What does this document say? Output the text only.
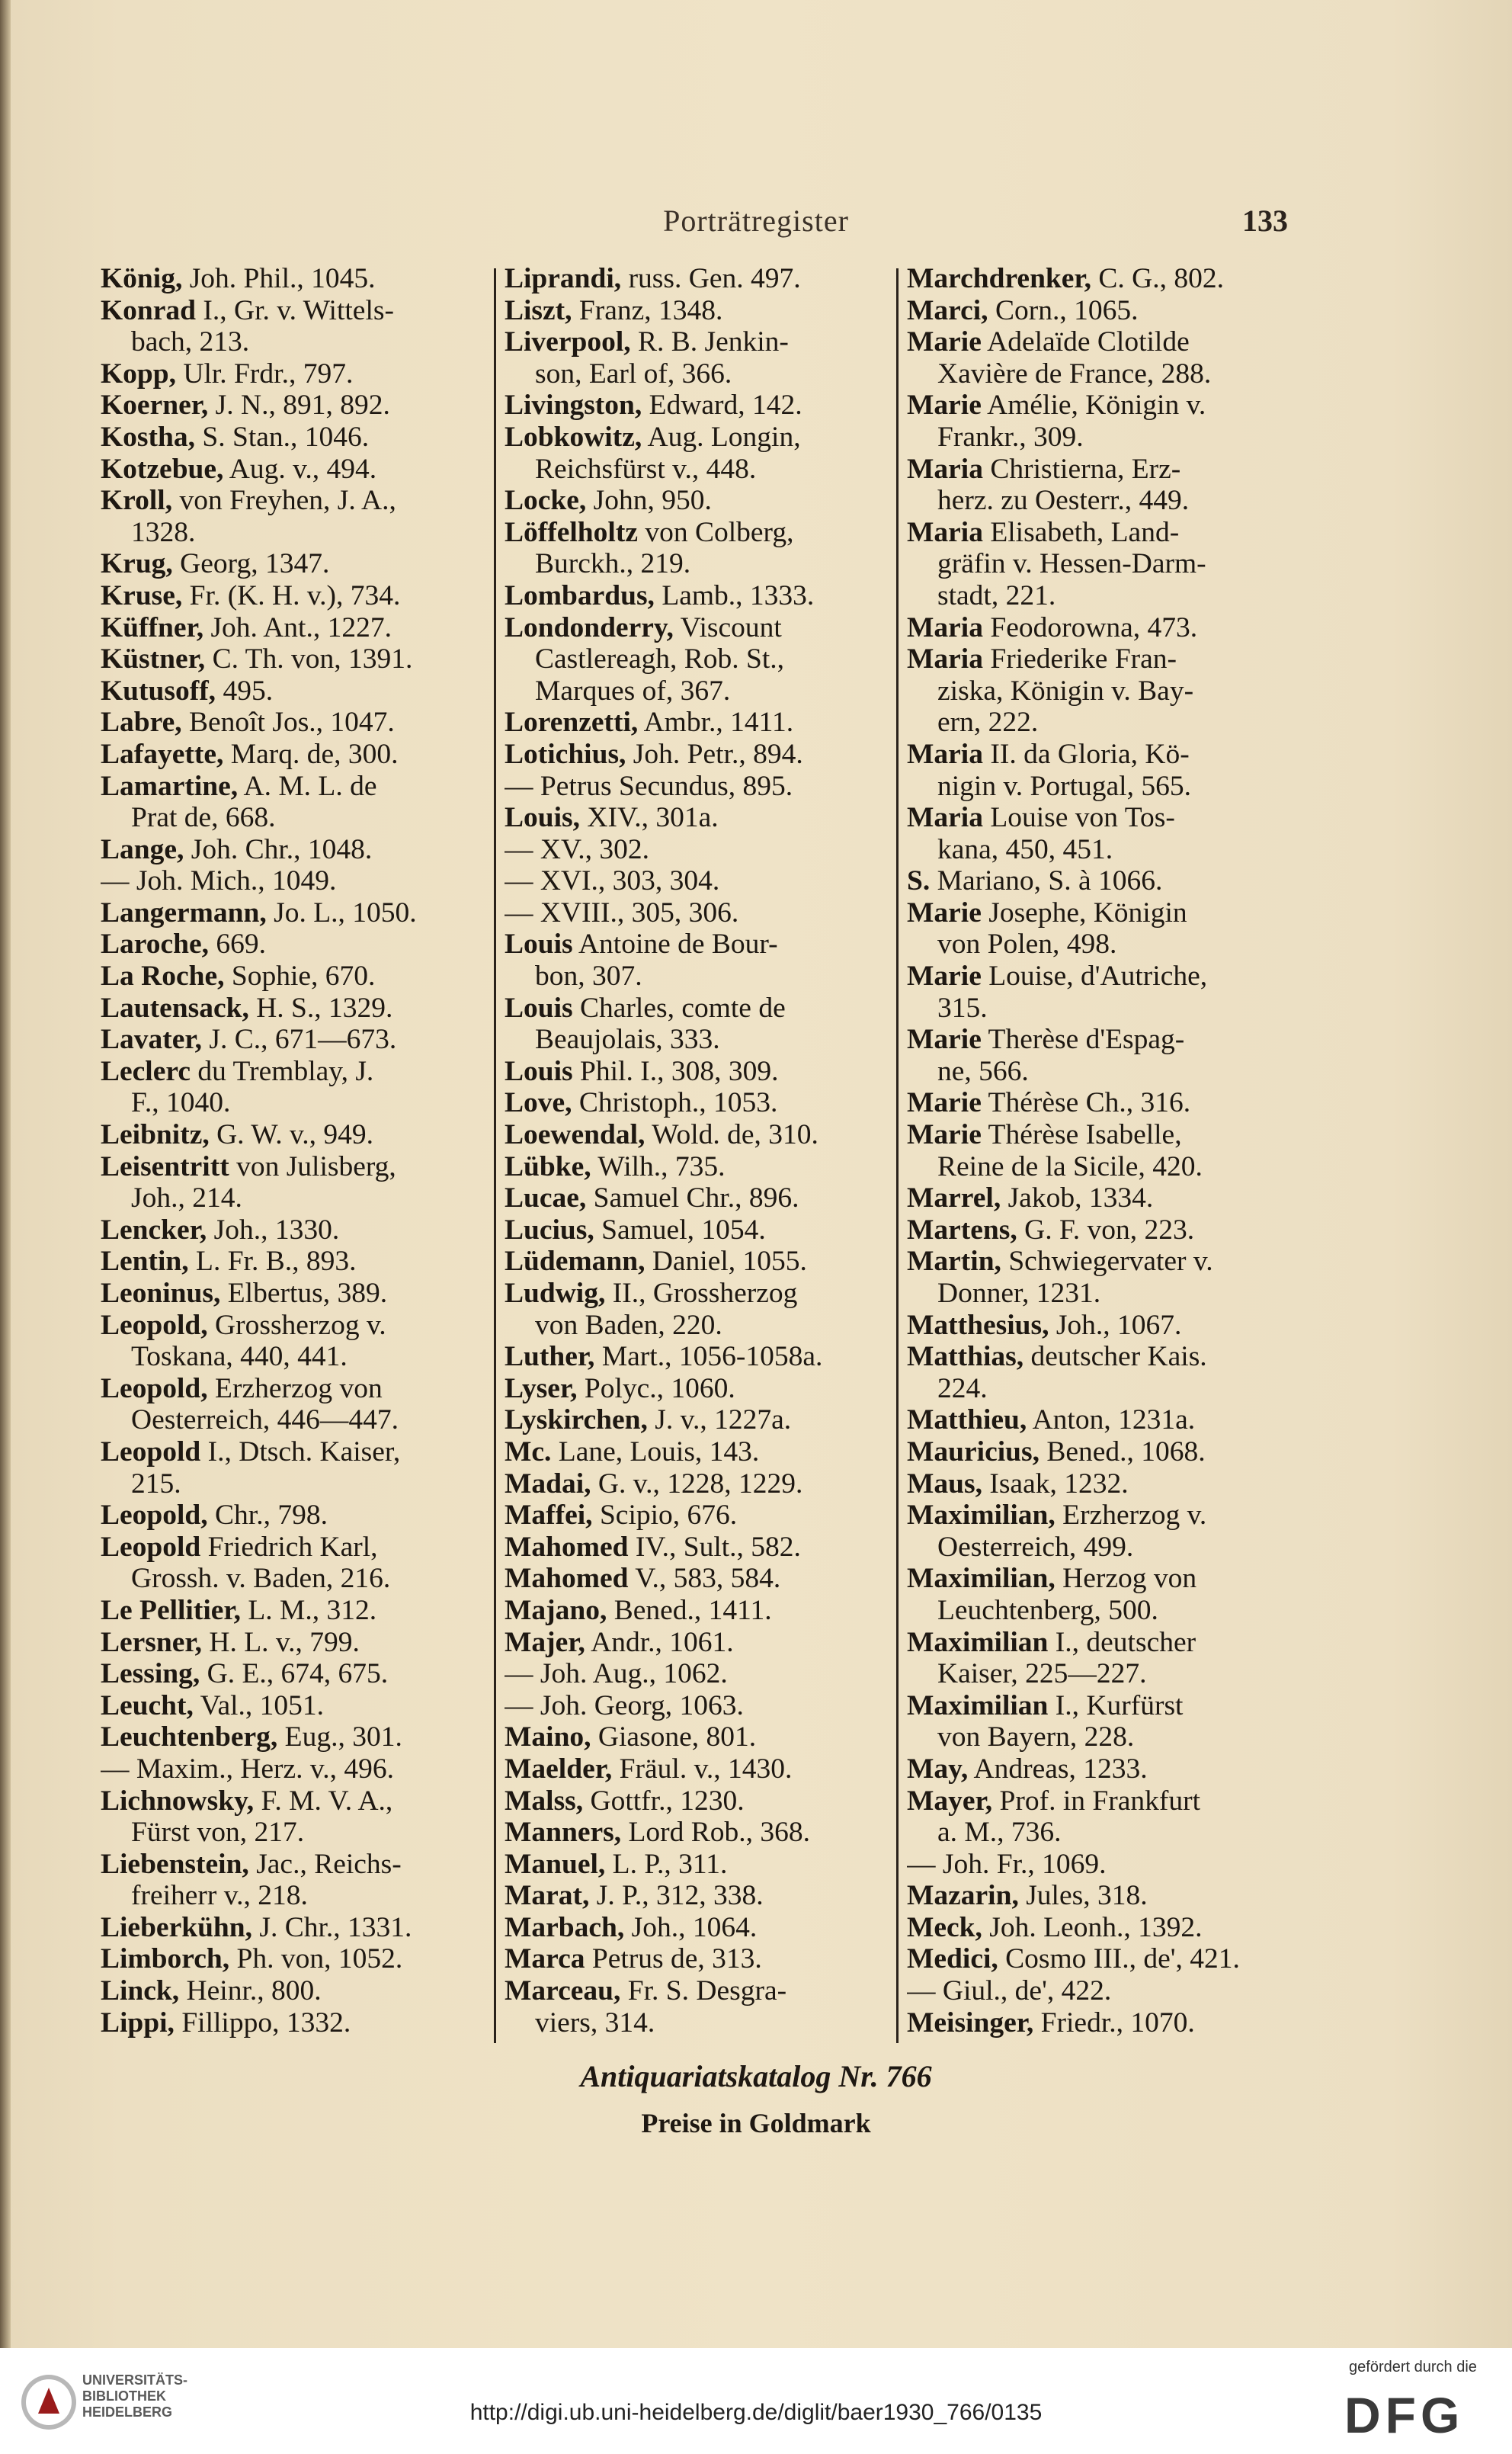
Porträtregister	133
König, Joh. Phil., 1045.
Konrad I., Gr. v. Wittels-
bach, 213.
Kopp, Ulr. Frdr., 797.
Koerner, J. N., 891, 892.
Kostha, S. Stan., 1046.
Kotzebue, Aug. v., 494.
Kroll, von Freyhen, J. A.,
1328.
Krug, Georg, 1347.
Kruse, Fr. (K. H. v.), 734.
Küffner, Joh. Ant., 1227.
Küstner, C. Th. von, 1391.
Kutusoff, 495.
Labre, Benoît Jos., 1047.
Lafayette, Marq. de, 300.
Lamartine, A. M. L. de
Prat de, 668.
Lange, Joh. Chr., 1048.
— Joh. Mich., 1049.
Langermann, Jo. L., 1050.
Laroche, 669.
La Roche, Sophie, 670.
Lautensack, H. S., 1329.
Lavater, J. C., 671—673.
Leclerc du Tremblay, J.
F., 1040.
Leibnitz, G. W. v., 949.
Leisentritt von Julisberg,
Joh., 214.
Lencker, Joh., 1330.
Lentin, L. Fr. B., 893.
Leoninus, Elbertus, 389.
Leopold, Grossherzog v.
Toskana, 440, 441.
Leopold, Erzherzog von
Oesterreich, 446—447.
Leopold I., Dtsch. Kaiser,
215.
Leopold, Chr., 798.
Leopold Friedrich Karl,
Grossh. v. Baden, 216.
Le Pellitier, L. M., 312.
Lersner, H. L. v., 799.
Lessing, G. E., 674, 675.
Leucht, Val., 1051.
Leuchtenberg, Eug., 301.
— Maxim., Herz. v., 496.
Lichnowsky, F. M. V. A.,
Fürst von, 217.
Liebenstein, Jac., Reichs-
freiherr v., 218.
Lieberkühn, J. Chr., 1331.
Limborch, Ph. von, 1052.
Linck, Heinr., 800.
Lippi, Fillippo, 1332.
Liprandi, russ. Gen. 497.
Liszt, Franz, 1348.
Liverpool, R. B. Jenkin-
son, Earl of, 366.
Livingston, Edward, 142.
Lobkowitz, Aug. Longin,
Reichsfürst v., 448.
Locke, John, 950.
Löffelholtz von Colberg,
Burckh., 219.
Lombardus, Lamb., 1333.
Londonderry, Viscount
Castlereagh, Rob. St.,
Marques of, 367.
Lorenzetti, Ambr., 1411.
Lotichius, Joh. Petr., 894.
— Petrus Secundus, 895.
Louis, XIV., 301a.
— XV., 302.
— XVI., 303, 304.
— XVIII., 305, 306.
Louis Antoine de Bour-
bon, 307.
Louis Charles, comte de
Beaujolais, 333.
Louis Phil. I., 308, 309.
Love, Christoph., 1053.
Loewendal, Wold. de, 310.
Lübke, Wilh., 735.
Lucae, Samuel Chr., 896.
Lucius, Samuel, 1054.
Lüdemann, Daniel, 1055.
Ludwig, II., Grossherzog
von Baden, 220.
Luther, Mart., 1056-1058a.
Lyser, Polyc., 1060.
Lyskirchen, J. v., 1227a.
Mc. Lane, Louis, 143.
Madai, G. v., 1228, 1229.
Maffei, Scipio, 676.
Mahomed IV., Sult., 582.
Mahomed V., 583, 584.
Majano, Bened., 1411.
Majer, Andr., 1061.
— Joh. Aug., 1062.
— Joh. Georg, 1063.
Maino, Giasone, 801.
Maelder, Fräul. v., 1430.
Malss, Gottfr., 1230.
Manners, Lord Rob., 368.
Manuel, L. P., 311.
Marat, J. P., 312, 338.
Marbach, Joh., 1064.
Marca Petrus de, 313.
Marceau, Fr. S. Desgra-
viers, 314.
Marchdrenker, C. G., 802.
Marci, Corn., 1065.
Marie Adelaïde Clotilde
Xavière de France, 288.
Marie Amélie, Königin v.
Frankr., 309.
Maria Christierna, Erz-
herz. zu Oesterr., 449.
Maria Elisabeth, Land-
gräfin v. Hessen-Darm-
stadt, 221.
Maria Feodorowna, 473.
Maria Friederike Fran-
ziska, Königin v. Bay-
ern, 222.
Maria II. da Gloria, Kö-
nigin v. Portugal, 565.
Maria Louise von Tos-
kana, 450, 451.
S. Mariano, S. à 1066.
Marie Josephe, Königin
von Polen, 498.
Marie Louise, d'Autriche,
315.
Marie Therèse d'Espag-
ne, 566.
Marie Thérèse Ch., 316.
Marie Thérèse Isabelle,
Reine de la Sicile, 420.
Marrel, Jakob, 1334.
Martens, G. F. von, 223.
Martin, Schwiegervater v.
Donner, 1231.
Matthesius, Joh., 1067.
Matthias, deutscher Kais.
224.
Matthieu, Anton, 1231a.
Mauricius, Bened., 1068.
Maus, Isaak, 1232.
Maximilian, Erzherzog v.
Oesterreich, 499.
Maximilian, Herzog von
Leuchtenberg, 500.
Maximilian I., deutscher
Kaiser, 225—227.
Maximilian I., Kurfürst
von Bayern, 228.
May, Andreas, 1233.
Mayer, Prof. in Frankfurt
a. M., 736.
— Joh. Fr., 1069.
Mazarin, Jules, 318.
Meck, Joh. Leonh., 1392.
Medici, Cosmo III., de', 421.
— Giul., de', 422.
Meisinger, Friedr., 1070.
Antiquariatskatalog Nr. 766
Preise in Goldmark
UNIVERSITÄTS-
BIBLIOTHEK
HEIDELBERG	http://digi.ub.uni-heidelberg.de/diglit/baer1930_766/0135
gefördert durch die
DFG
